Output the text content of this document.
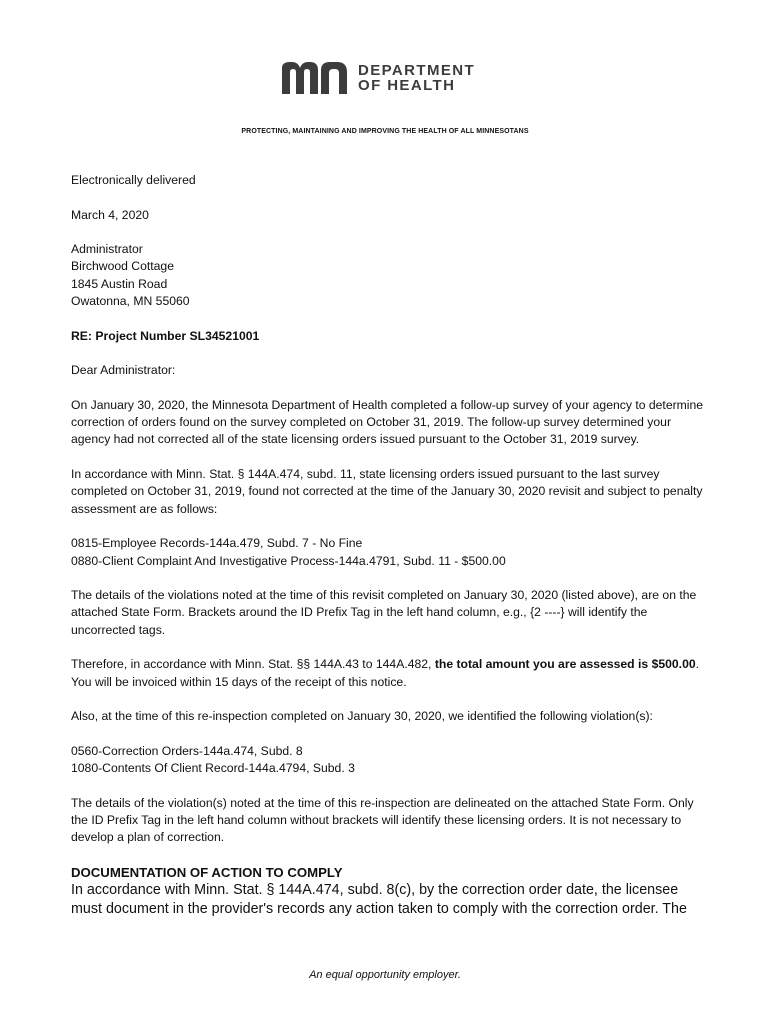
DEPARTMENT
OF HEALTH
PROTECTING, MAINTAINING AND IMPROVING THE HEALTH OF ALL MINNESOTANS

Electronically delivered

March 4, 2020

Administrator
Birchwood Cottage
1845 Austin Road
Owatonna, MN 55060

RE: Project Number SL34521001

Dear Administrator:

On January 30, 2020, the Minnesota Department of Health completed a follow-up survey of your agency to determine correction of orders found on the survey completed on October 31, 2019. The follow-up survey determined your agency had not corrected all of the state licensing orders issued pursuant to the October 31, 2019 survey.

In accordance with Minn. Stat. § 144A.474, subd. 11, state licensing orders issued pursuant to the last survey completed on October 31, 2019, found not corrected at the time of the January 30, 2020 revisit and subject to penalty assessment are as follows:

0815-Employee Records-144a.479, Subd. 7 - No Fine
0880-Client Complaint And Investigative Process-144a.4791, Subd. 11 - $500.00

The details of the violations noted at the time of this revisit completed on January 30, 2020 (listed above), are on the attached State Form. Brackets around the ID Prefix Tag in the left hand column, e.g., {2 ----} will identify the uncorrected tags.

Therefore, in accordance with Minn. Stat. §§ 144A.43 to 144A.482, the total amount you are assessed is $500.00. You will be invoiced within 15 days of the receipt of this notice.

Also, at the time of this re-inspection completed on January 30, 2020, we identified the following violation(s):

0560-Correction Orders-144a.474, Subd. 8
1080-Contents Of Client Record-144a.4794, Subd. 3

The details of the violation(s) noted at the time of this re-inspection are delineated on the attached State Form. Only the ID Prefix Tag in the left hand column without brackets will identify these licensing orders. It is not necessary to develop a plan of correction.

DOCUMENTATION OF ACTION TO COMPLY
In accordance with Minn. Stat. § 144A.474, subd. 8(c), by the correction order date, the licensee must document in the provider's records any action taken to comply with the correction order. The
An equal opportunity employer.
